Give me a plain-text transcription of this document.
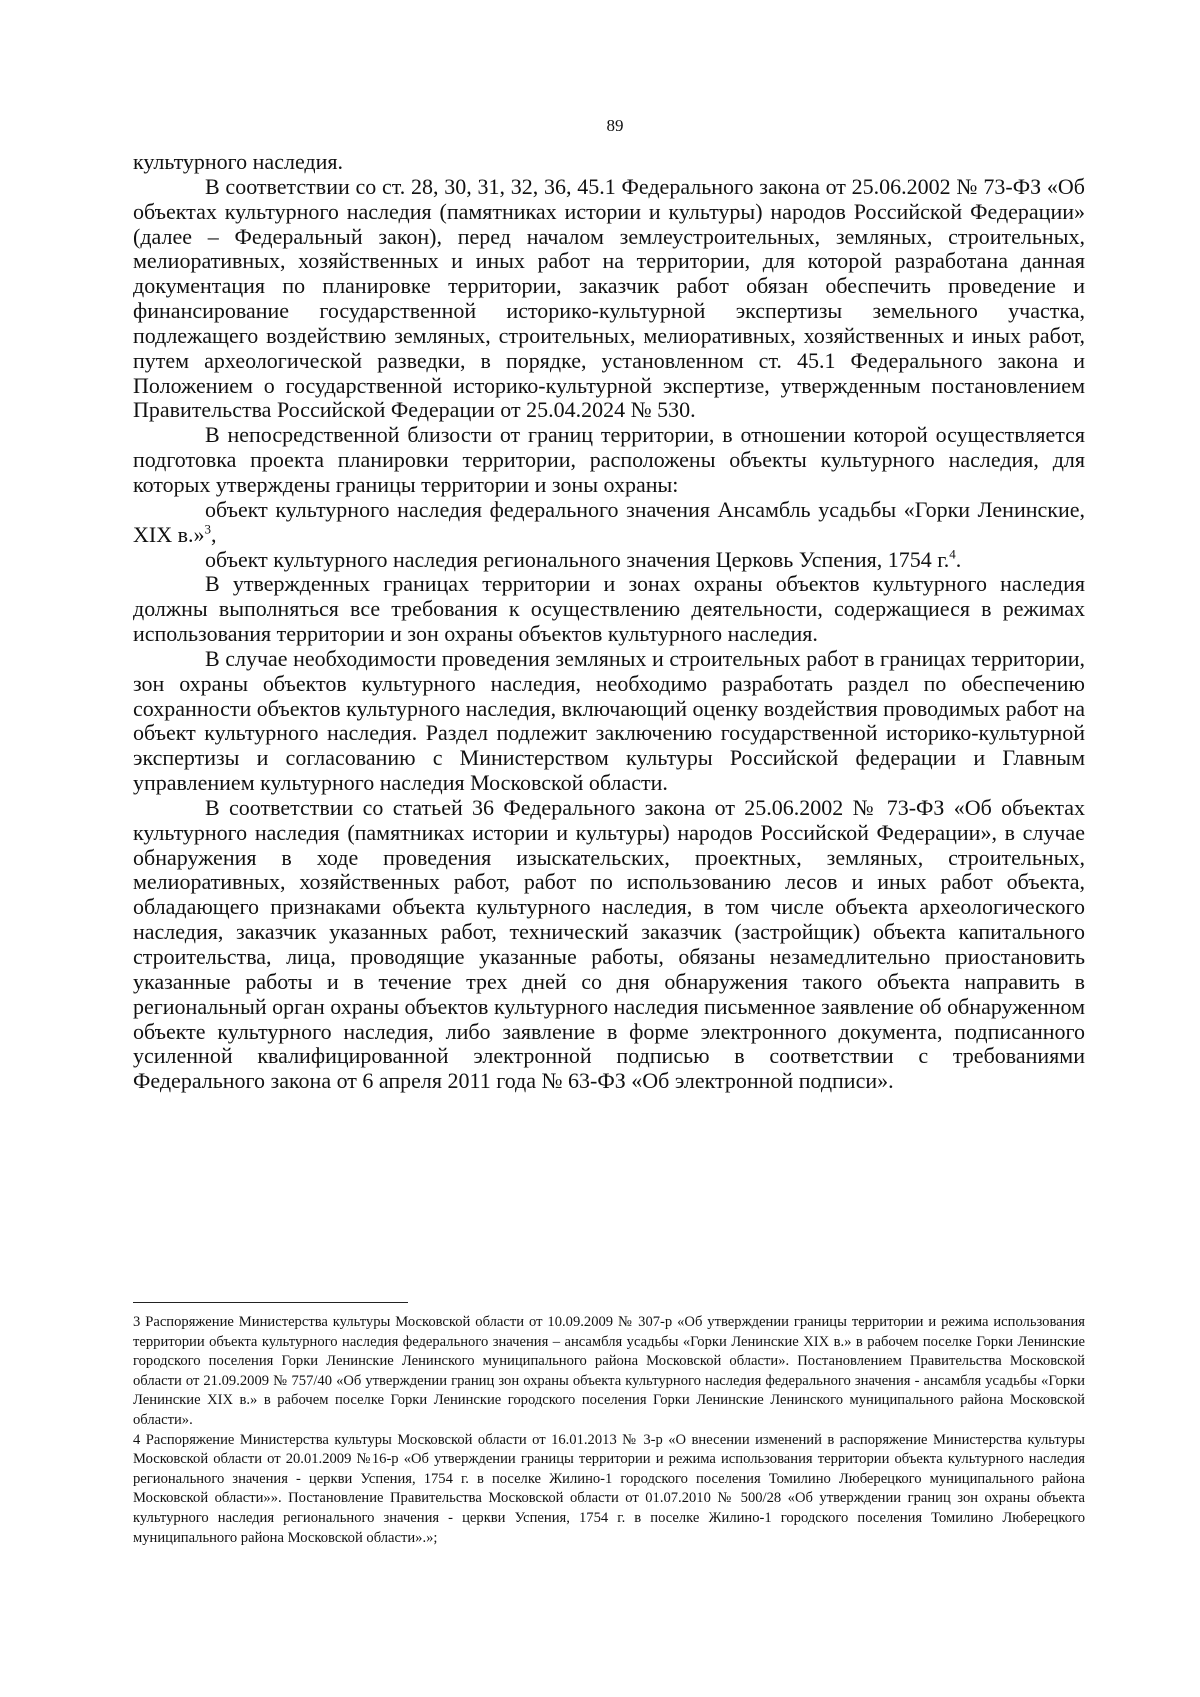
89

культурного наследия.

В соответствии со ст. 28, 30, 31, 32, 36, 45.1 Федерального закона от 25.06.2002 № 73-ФЗ «Об объектах культурного наследия (памятниках истории и культуры) народов Российской Федерации» (далее – Федеральный закон), перед началом землеустроительных, земляных, строительных, мелиоративных, хозяйственных и иных работ на территории, для которой разработана данная документация по планировке территории, заказчик работ обязан обеспечить проведение и финансирование государственной историко-культурной экспертизы земельного участка, подлежащего воздействию земляных, строительных, мелиоративных, хозяйственных и иных работ, путем археологической разведки, в порядке, установленном ст. 45.1 Федерального закона и Положением о государственной историко-культурной экспертизе, утвержденным постановлением Правительства Российской Федерации от 25.04.2024 № 530.

В непосредственной близости от границ территории, в отношении которой осуществляется подготовка проекта планировки территории, расположены объекты культурного наследия, для которых утверждены границы территории и зоны охраны:

объект культурного наследия федерального значения Ансамбль усадьбы «Горки Ленинские, XIX в.»$^3$,

объект культурного наследия регионального значения Церковь Успения, 1754 г.$^4$.

В утвержденных границах территории и зонах охраны объектов культурного наследия должны выполняться все требования к осуществлению деятельности, содержащиеся в режимах использования территории и зон охраны объектов культурного наследия.

В случае необходимости проведения земляных и строительных работ в границах территории, зон охраны объектов культурного наследия, необходимо разработать раздел по обеспечению сохранности объектов культурного наследия, включающий оценку воздействия проводимых работ на объект культурного наследия. Раздел подлежит заключению государственной историко-культурной экспертизы и согласованию с Министерством культуры Российской федерации и Главным управлением культурного наследия Московской области.

В соответствии со статьей 36 Федерального закона от 25.06.2002 № 73-ФЗ «Об объектах культурного наследия (памятниках истории и культуры) народов Российской Федерации», в случае обнаружения в ходе проведения изыскательских, проектных, земляных, строительных, мелиоративных, хозяйственных работ, работ по использованию лесов и иных работ объекта, обладающего признаками объекта культурного наследия, в том числе объекта археологического наследия, заказчик указанных работ, технический заказчик (застройщик) объекта капитального строительства, лица, проводящие указанные работы, обязаны незамедлительно приостановить указанные работы и в течение трех дней со дня обнаружения такого объекта направить в региональный орган охраны объектов культурного наследия письменное заявление об обнаруженном объекте культурного наследия, либо заявление в форме электронного документа, подписанного усиленной квалифицированной электронной подписью в соответствии с требованиями Федерального закона от 6 апреля 2011 года № 63-ФЗ «Об электронной подписи».

3 Распоряжение Министерства культуры Московской области от 10.09.2009 № 307-р «Об утверждении границы территории и режима использования территории объекта культурного наследия федерального значения – ансамбля усадьбы «Горки Ленинские XIX в.» в рабочем поселке Горки Ленинские городского поселения Горки Ленинские Ленинского муниципального района Московской области». Постановлением Правительства Московской области от 21.09.2009 № 757/40 «Об утверждении границ зон охраны объекта культурного наследия федерального значения - ансамбля усадьбы «Горки Ленинские XIX в.» в рабочем поселке Горки Ленинские городского поселения Горки Ленинские Ленинского муниципального района Московской области».

4 Распоряжение Министерства культуры Московской области от 16.01.2013 № 3-р «О внесении изменений в распоряжение Министерства культуры Московской области от 20.01.2009 №16-р «Об утверждении границы территории и режима использования территории объекта культурного наследия регионального значения - церкви Успения, 1754 г. в поселке Жилино-1 городского поселения Томилино Люберецкого муниципального района Московской области»». Постановление Правительства Московской области от 01.07.2010 № 500/28 «Об утверждении границ зон охраны объекта культурного наследия регионального значения - церкви Успения, 1754 г. в поселке Жилино-1 городского поселения Томилино Люберецкого муниципального района Московской области».»;
